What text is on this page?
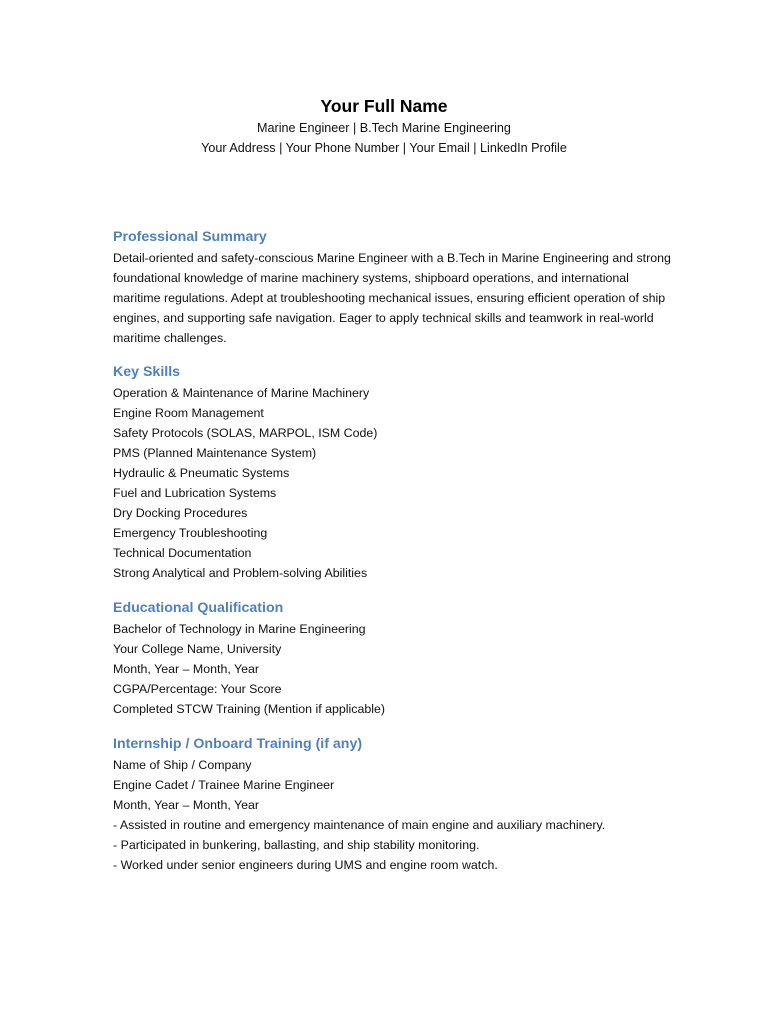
Your Full Name

Marine Engineer | B.Tech Marine Engineering

Your Address | Your Phone Number | Your Email | LinkedIn Profile

Professional Summary

Detail-oriented and safety-conscious Marine Engineer with a B.Tech in Marine Engineering and strong foundational knowledge of marine machinery systems, shipboard operations, and international maritime regulations. Adept at troubleshooting mechanical issues, ensuring efficient operation of ship engines, and supporting safe navigation. Eager to apply technical skills and teamwork in real-world maritime challenges.

Key Skills
Operation & Maintenance of Marine Machinery
Engine Room Management
Safety Protocols (SOLAS, MARPOL, ISM Code)
PMS (Planned Maintenance System)
Hydraulic & Pneumatic Systems
Fuel and Lubrication Systems
Dry Docking Procedures
Emergency Troubleshooting
Technical Documentation
Strong Analytical and Problem-solving Abilities
Educational Qualification
Bachelor of Technology in Marine Engineering
Your College Name, University
Month, Year – Month, Year
CGPA/Percentage: Your Score
Completed STCW Training (Mention if applicable)
Internship / Onboard Training (if any)
Name of Ship / Company
Engine Cadet / Trainee Marine Engineer
Month, Year – Month, Year
- Assisted in routine and emergency maintenance of main engine and auxiliary machinery.
- Participated in bunkering, ballasting, and ship stability monitoring.
- Worked under senior engineers during UMS and engine room watch.
